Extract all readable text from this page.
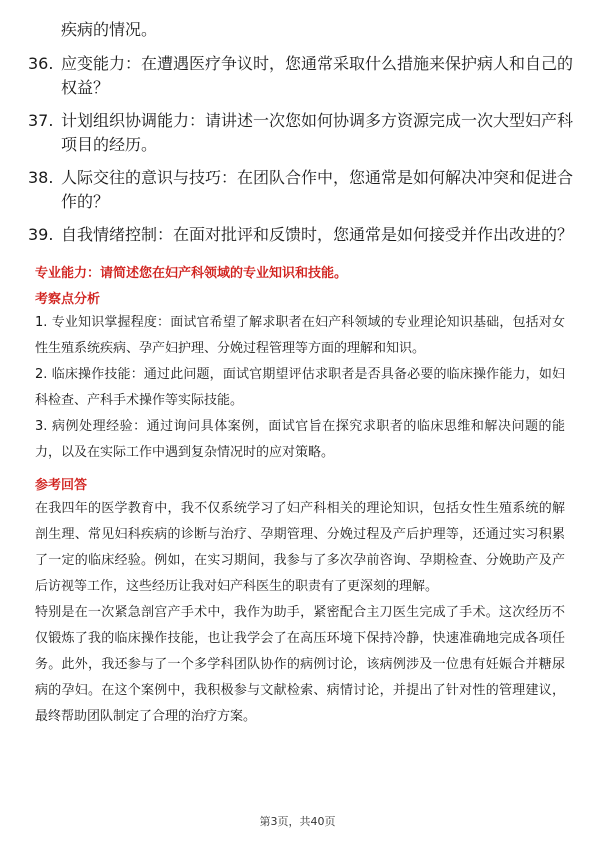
疾病的情况。
36. 应变能力：在遭遇医疗争议时，您通常采取什么措施来保护病人和自己的权益？
37. 计划组织协调能力：请讲述一次您如何协调多方资源完成一次大型妇产科项目的经历。
38. 人际交往的意识与技巧：在团队合作中，您通常是如何解决冲突和促进合作的？
39. 自我情绪控制：在面对批评和反馈时，您通常是如何接受并作出改进的？
专业能力：请简述您在妇产科领域的专业知识和技能。
考察点分析

1. 专业知识掌握程度：面试官希望了解求职者在妇产科领域的专业理论知识基础，包括对女性生殖系统疾病、孕产妇护理、分娩过程管理等方面的理解和知识。

2. 临床操作技能：通过此问题，面试官期望评估求职者是否具备必要的临床操作能力，如妇科检查、产科手术操作等实际技能。

3. 病例处理经验：通过询问具体案例，面试官旨在探究求职者的临床思维和解决问题的能力，以及在实际工作中遇到复杂情况时的应对策略。

参考回答

在我四年的医学教育中，我不仅系统学习了妇产科相关的理论知识，包括女性生殖系统的解剖生理、常见妇科疾病的诊断与治疗、孕期管理、分娩过程及产后护理等，还通过实习积累了一定的临床经验。例如，在实习期间，我参与了多次孕前咨询、孕期检查、分娩助产及产后访视等工作，这些经历让我对妇产科医生的职责有了更深刻的理解。

特别是在一次紧急剖宫产手术中，我作为助手，紧密配合主刀医生完成了手术。这次经历不仅锻炼了我的临床操作技能，也让我学会了在高压环境下保持冷静，快速准确地完成各项任务。此外，我还参与了一个多学科团队协作的病例讨论，该病例涉及一位患有妊娠合并糖尿病的孕妇。在这个案例中，我积极参与文献检索、病情讨论，并提出了针对性的管理建议，最终帮助团队制定了合理的治疗方案。

第3页，共40页
